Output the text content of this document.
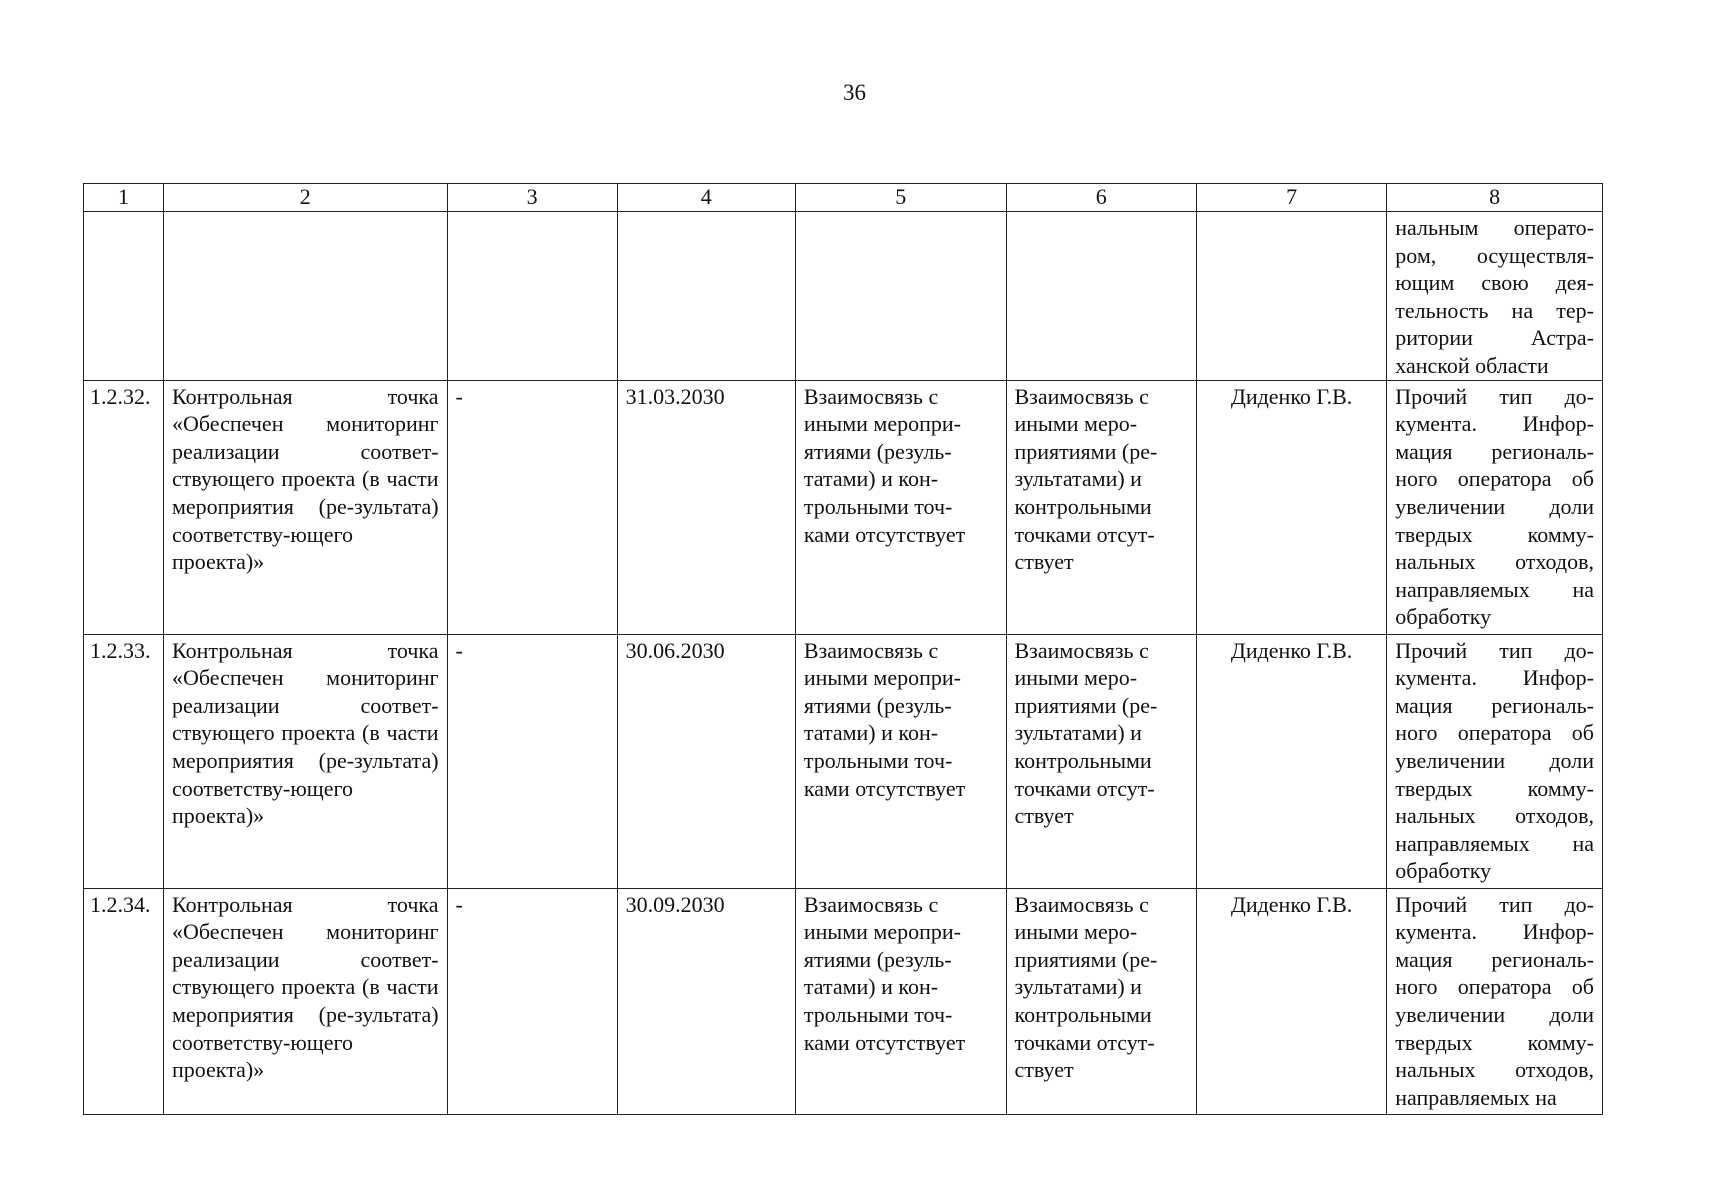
36
1	2	3	4	5	6	7	8
							нальным операто-ром, осуществля-ющим свою дея-тельность на тер-ритории Астра-ханской области
1.2.32.	Контрольная точка «Обеспечен мониторинг реализации соответ-ствующего проекта (в части мероприятия (ре-зультата) соответству-ющего проекта)»	-	31.03.2030	Взаимосвязь с иными меропри-ятиями (резуль-татами) и кон-трольными точ-ками отсутствует	Взаимосвязь с иными меро-приятиями (ре-зультатами) и контрольными точками отсут-ствует	Диденко Г.В.	Прочий тип до-кумента. Инфор-мация региональ-ного оператора об увеличении доли твердых комму-нальных отходов, направляемых на обработку
1.2.33.	Контрольная точка «Обеспечен мониторинг реализации соответ-ствующего проекта (в части мероприятия (ре-зультата) соответству-ющего проекта)»	-	30.06.2030	Взаимосвязь с иными меропри-ятиями (резуль-татами) и кон-трольными точ-ками отсутствует	Взаимосвязь с иными меро-приятиями (ре-зультатами) и контрольными точками отсут-ствует	Диденко Г.В.	Прочий тип до-кумента. Инфор-мация региональ-ного оператора об увеличении доли твердых комму-нальных отходов, направляемых на обработку
1.2.34.	Контрольная точка «Обеспечен мониторинг реализации соответ-ствующего проекта (в части мероприятия (ре-зультата) соответству-ющего проекта)»	-	30.09.2030	Взаимосвязь с иными меропри-ятиями (резуль-татами) и кон-трольными точ-ками отсутствует	Взаимосвязь с иными меро-приятиями (ре-зультатами) и контрольными точками отсут-ствует	Диденко Г.В.	Прочий тип до-кумента. Инфор-мация региональ-ного оператора об увеличении доли твердых комму-нальных отходов, направляемых на
